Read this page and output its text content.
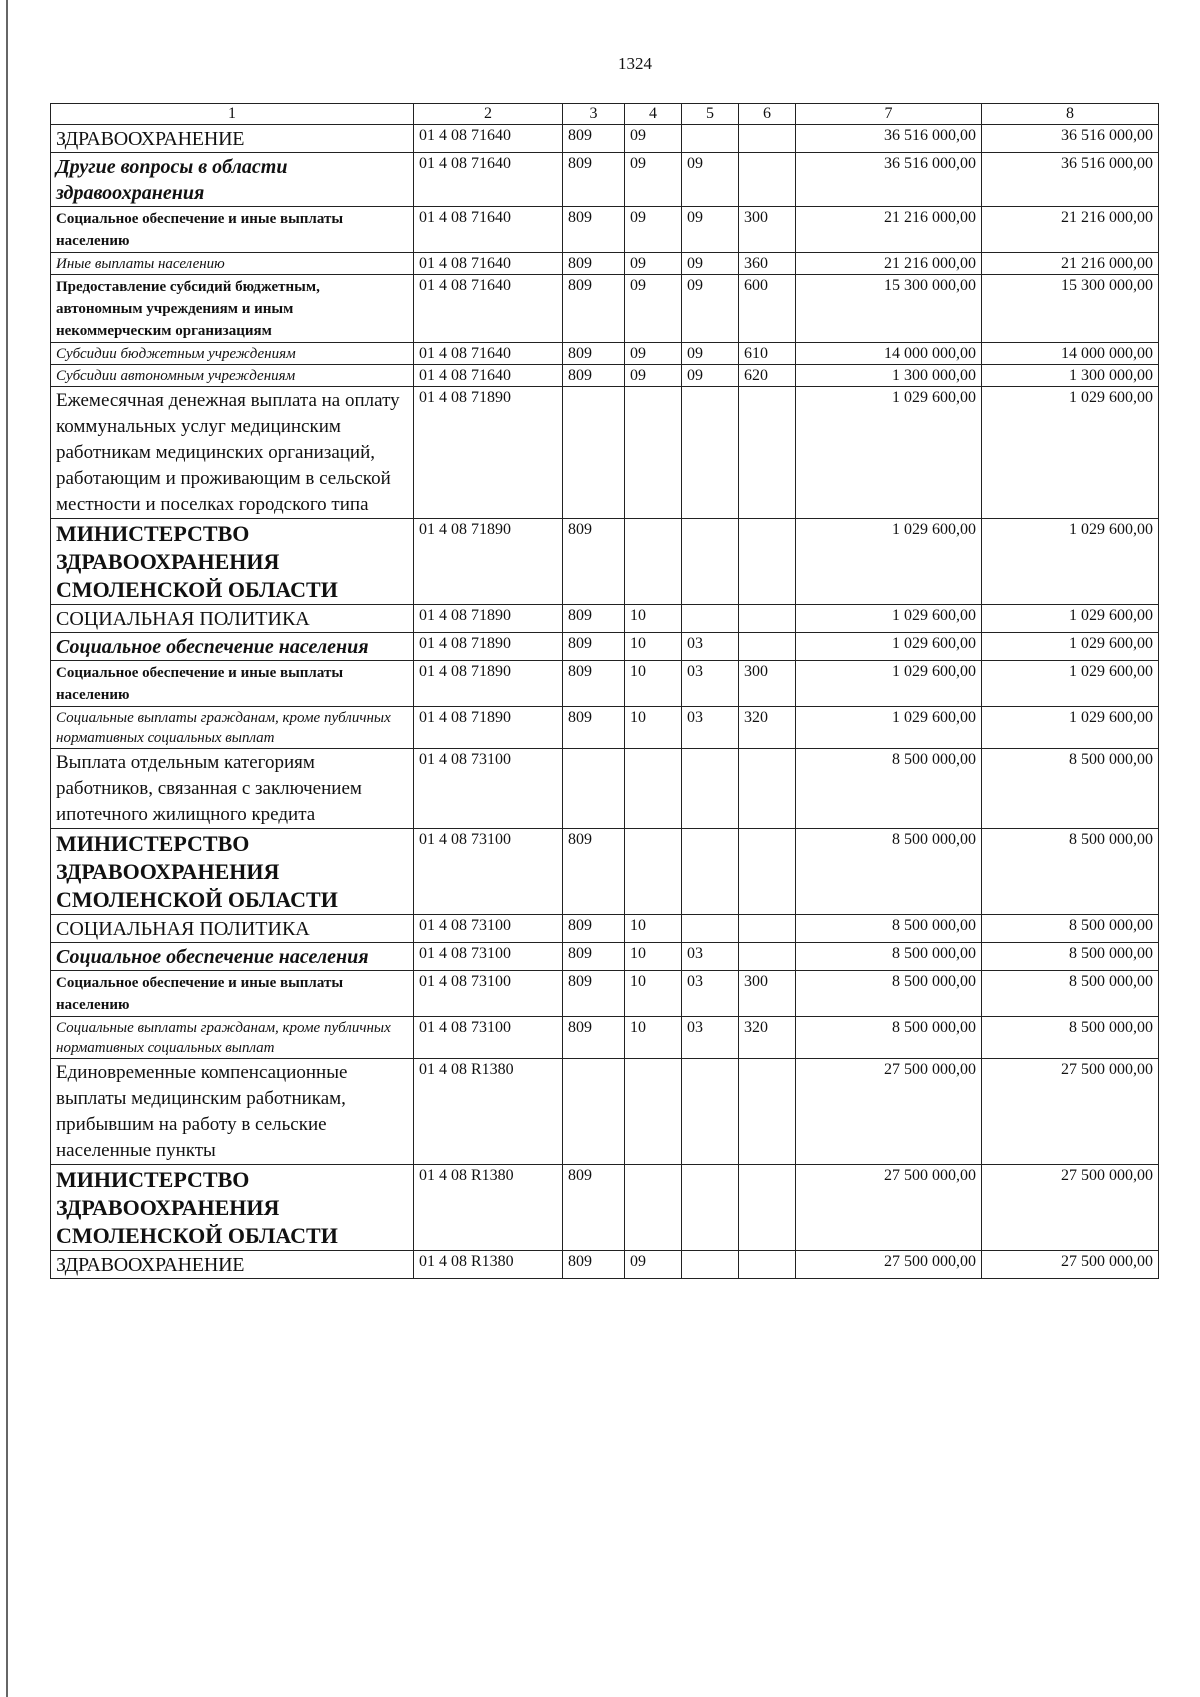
1324
1	2	3	4	5	6	7	8
ЗДРАВООХРАНЕНИЕ	01 4 08 71640	809	09			36 516 000,00	36 516 000,00
Другие вопросы в области здравоохранения	01 4 08 71640	809	09	09		36 516 000,00	36 516 000,00
Социальное обеспечение и иные выплаты населению	01 4 08 71640	809	09	09	300	21 216 000,00	21 216 000,00
Иные выплаты населению	01 4 08 71640	809	09	09	360	21 216 000,00	21 216 000,00
Предоставление субсидий бюджетным, автономным учреждениям и иным некоммерческим организациям	01 4 08 71640	809	09	09	600	15 300 000,00	15 300 000,00
Субсидии бюджетным учреждениям	01 4 08 71640	809	09	09	610	14 000 000,00	14 000 000,00
Субсидии автономным учреждениям	01 4 08 71640	809	09	09	620	1 300 000,00	1 300 000,00
Ежемесячная денежная выплата на оплату коммунальных услуг медицинским работникам медицинских организаций, работающим и проживающим в сельской местности и поселках городского типа	01 4 08 71890					1 029 600,00	1 029 600,00
МИНИСТЕРСТВО ЗДРАВООХРАНЕНИЯ СМОЛЕНСКОЙ ОБЛАСТИ	01 4 08 71890	809				1 029 600,00	1 029 600,00
СОЦИАЛЬНАЯ ПОЛИТИКА	01 4 08 71890	809	10			1 029 600,00	1 029 600,00
Социальное обеспечение населения	01 4 08 71890	809	10	03		1 029 600,00	1 029 600,00
Социальное обеспечение и иные выплаты населению	01 4 08 71890	809	10	03	300	1 029 600,00	1 029 600,00
Социальные выплаты гражданам, кроме публичных нормативных социальных выплат	01 4 08 71890	809	10	03	320	1 029 600,00	1 029 600,00
Выплата отдельным категориям работников, связанная с заключением ипотечного жилищного кредита	01 4 08 73100					8 500 000,00	8 500 000,00
МИНИСТЕРСТВО ЗДРАВООХРАНЕНИЯ СМОЛЕНСКОЙ ОБЛАСТИ	01 4 08 73100	809				8 500 000,00	8 500 000,00
СОЦИАЛЬНАЯ ПОЛИТИКА	01 4 08 73100	809	10			8 500 000,00	8 500 000,00
Социальное обеспечение населения	01 4 08 73100	809	10	03		8 500 000,00	8 500 000,00
Социальное обеспечение и иные выплаты населению	01 4 08 73100	809	10	03	300	8 500 000,00	8 500 000,00
Социальные выплаты гражданам, кроме публичных нормативных социальных выплат	01 4 08 73100	809	10	03	320	8 500 000,00	8 500 000,00
Единовременные компенсационные выплаты медицинским работникам, прибывшим на работу в сельские населенные пункты	01 4 08 R1380					27 500 000,00	27 500 000,00
МИНИСТЕРСТВО ЗДРАВООХРАНЕНИЯ СМОЛЕНСКОЙ ОБЛАСТИ	01 4 08 R1380	809				27 500 000,00	27 500 000,00
ЗДРАВООХРАНЕНИЕ	01 4 08 R1380	809	09			27 500 000,00	27 500 000,00
